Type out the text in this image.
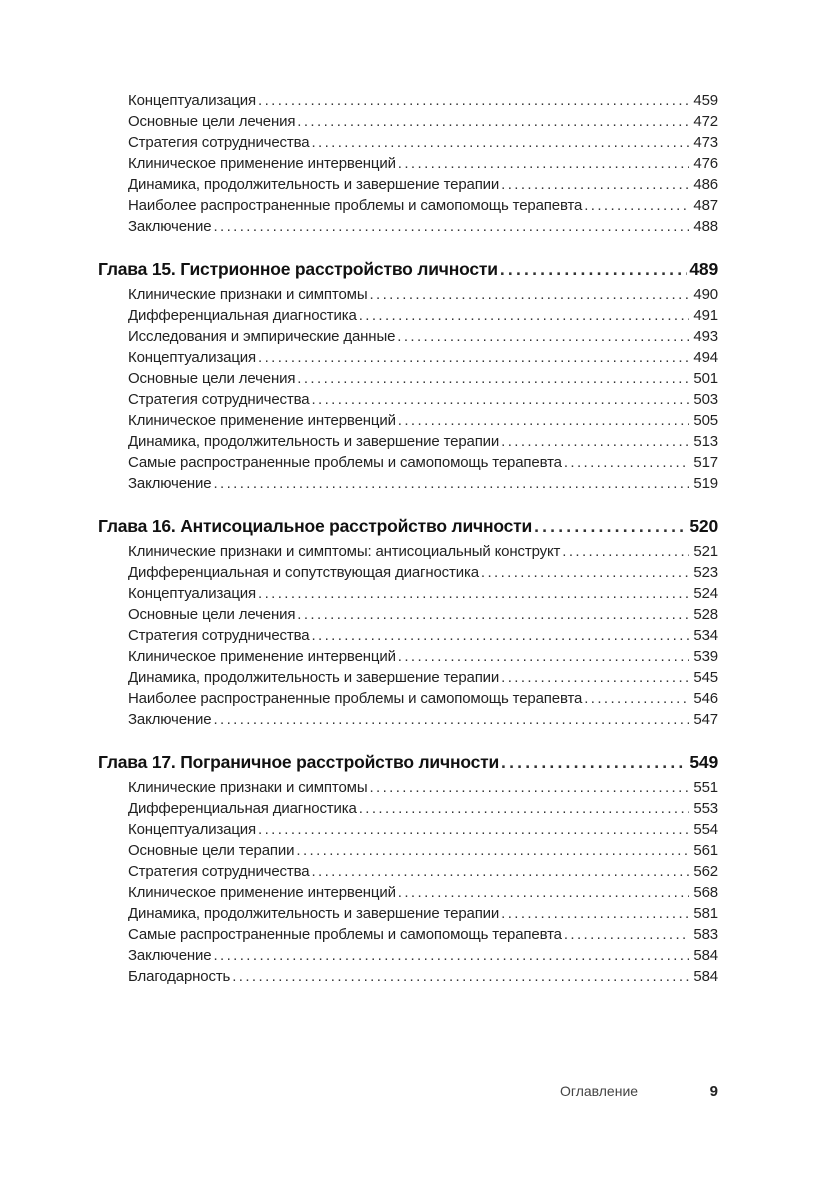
Концептуализация .....	459
Основные цели лечения .....	472
Стратегия сотрудничества .....	473
Клиническое применение интервенций .....	476
Динамика, продолжительность и завершение терапии .....	486
Наиболее распространенные проблемы и самопомощь терапевта .....	487
Заключение .....	488
Глава 15. Гистрионное расстройство личности .....	489
Клинические признаки и симптомы .....	490
Дифференциальная диагностика .....	491
Исследования и эмпирические данные .....	493
Концептуализация .....	494
Основные цели лечения .....	501
Стратегия сотрудничества .....	503
Клиническое применение интервенций .....	505
Динамика, продолжительность и завершение терапии .....	513
Самые распространенные проблемы и самопомощь терапевта .....	517
Заключение .....	519
Глава 16. Антисоциальное расстройство личности .....	520
Клинические признаки и симптомы: антисоциальный конструкт .....	521
Дифференциальная и сопутствующая диагностика .....	523
Концептуализация .....	524
Основные цели лечения .....	528
Стратегия сотрудничества .....	534
Клиническое применение интервенций .....	539
Динамика, продолжительность и завершение терапии .....	545
Наиболее распространенные проблемы и самопомощь терапевта .....	546
Заключение .....	547
Глава 17. Пограничное расстройство личности .....	549
Клинические признаки и симптомы .....	551
Дифференциальная диагностика .....	553
Концептуализация .....	554
Основные цели терапии .....	561
Стратегия сотрудничества .....	562
Клиническое применение интервенций .....	568
Динамика, продолжительность и завершение терапии .....	581
Самые распространенные проблемы и самопомощь терапевта .....	583
Заключение .....	584
Благодарность .....	584
Оглавление	9
